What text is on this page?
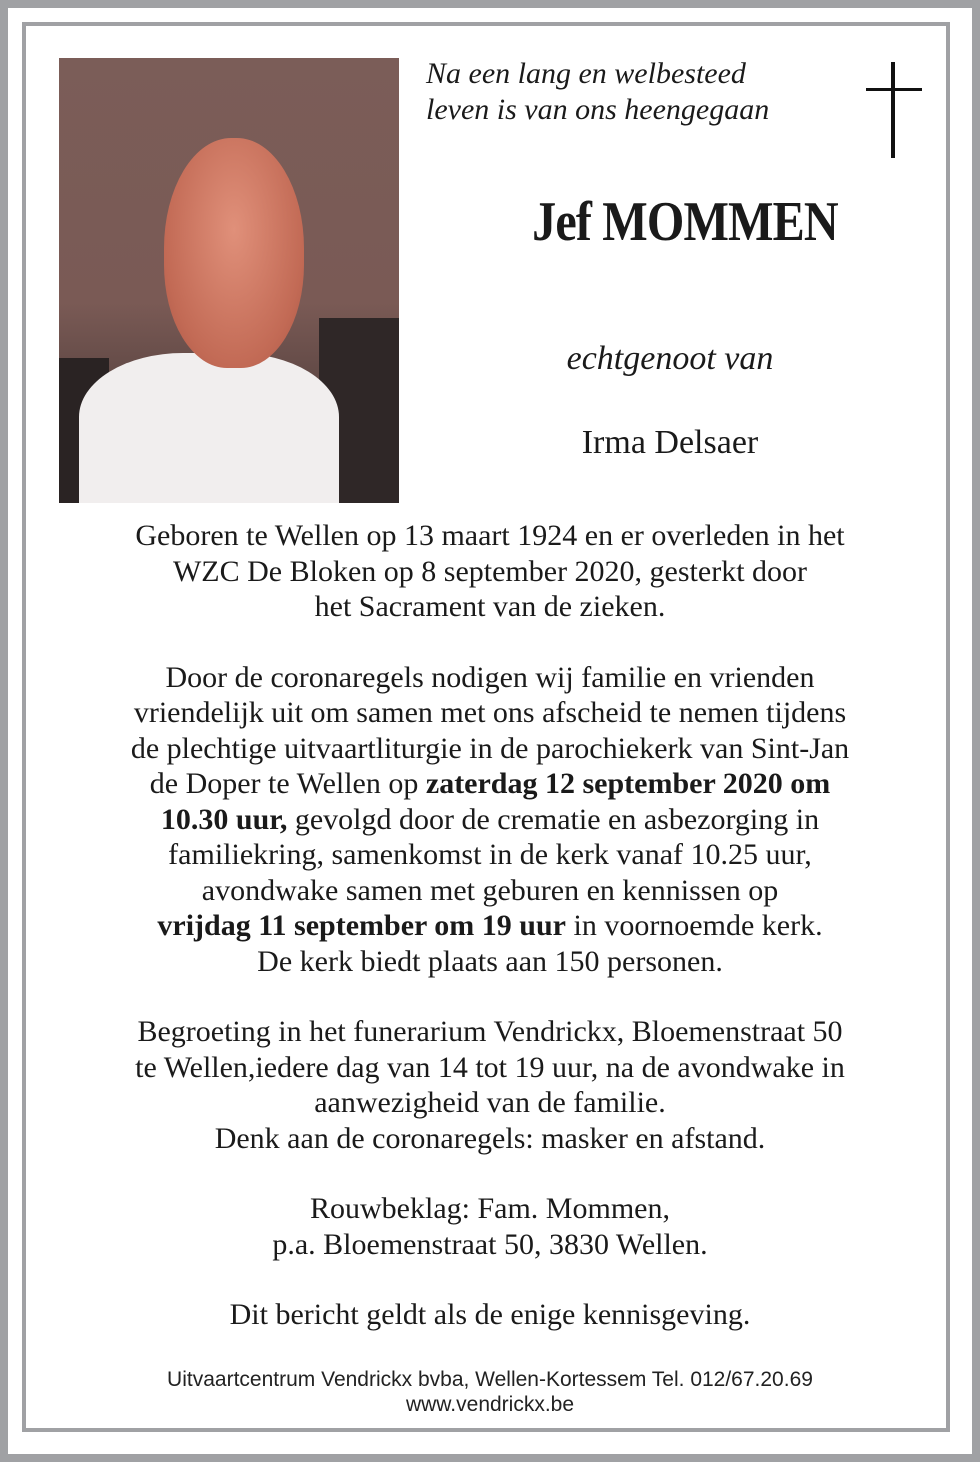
Na een lang en welbesteed
leven is van ons heengegaan
Jef MOMMEN
echtgenoot van
Irma Delsaer
Geboren te Wellen op 13 maart 1924 en er overleden in het
WZC De Bloken op 8 september 2020, gesterkt door
het Sacrament van de zieken.
Door de coronaregels nodigen wij familie en vrienden
vriendelijk uit om samen met ons afscheid te nemen tijdens
de plechtige uitvaartliturgie in de parochiekerk van Sint-Jan
de Doper te Wellen op zaterdag 12 september 2020 om
10.30 uur, gevolgd door de crematie en asbezorging in
familiekring, samenkomst in de kerk vanaf 10.25 uur,
avondwake samen met geburen en kennissen op
vrijdag 11 september om 19 uur in voornoemde kerk.
De kerk biedt plaats aan 150 personen.
Begroeting in het funerarium Vendrickx, Bloemenstraat 50
te Wellen,iedere dag van 14 tot 19 uur, na de avondwake in
aanwezigheid van de familie.
Denk aan de coronaregels: masker en afstand.
Rouwbeklag: Fam. Mommen,
p.a. Bloemenstraat 50, 3830 Wellen.
Dit bericht geldt als de enige kennisgeving.
Uitvaartcentrum Vendrickx bvba, Wellen-Kortessem Tel. 012/67.20.69
www.vendrickx.be
